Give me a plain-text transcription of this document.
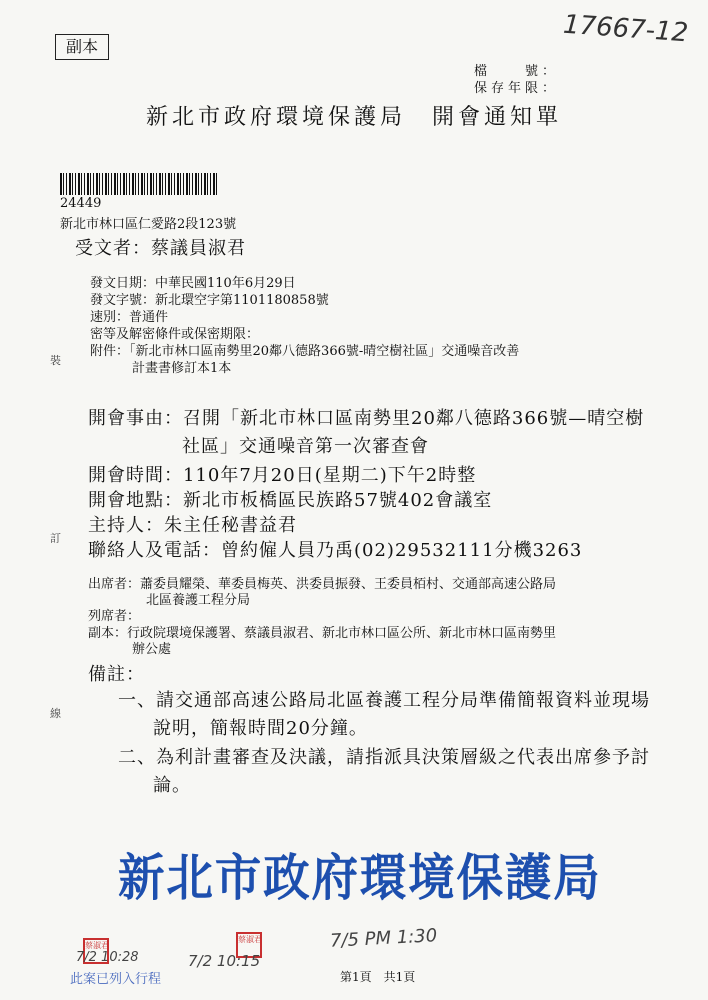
副本	17667-12
檔　　號：
保存年限：
新北市政府環境保護局　開會通知單
24449
新北市林口區仁愛路2段123號
受文者：蔡議員淑君
發文日期：中華民國110年6月29日
發文字號：新北環空字第1101180858號
速別：普通件
密等及解密條件或保密期限：
附件：「新北市林口區南勢里20鄰八德路366號-晴空樹社區」交通噪音改善
計畫書修訂本1本
開會事由：召開「新北市林口區南勢里20鄰八德路366號—晴空樹
社區」交通噪音第一次審查會
開會時間：110年7月20日(星期二)下午2時整
開會地點：新北市板橋區民族路57號402會議室
主持人：朱主任秘書益君
聯絡人及電話：曾約僱人員乃禹(02)29532111分機3263
出席者：蕭委員耀榮、華委員梅英、洪委員振發、王委員栢村、交通部高速公路局
北區養護工程分局
列席者：
副本：行政院環境保護署、蔡議員淑君、新北市林口區公所、新北市林口區南勢里
辦公處
備註：
一、請交通部高速公路局北區養護工程分局準備簡報資料並現場
說明，簡報時間20分鐘。
二、為利計畫審查及決議，請指派具決策層級之代表出席參予討
論。
裝
訂
線
新北市政府環境保護局
蔡淑君
蔡淑君
7/2 10:28	7/2 10:15
7/5 PM 1:30
此案已列入行程	第1頁　共1頁
